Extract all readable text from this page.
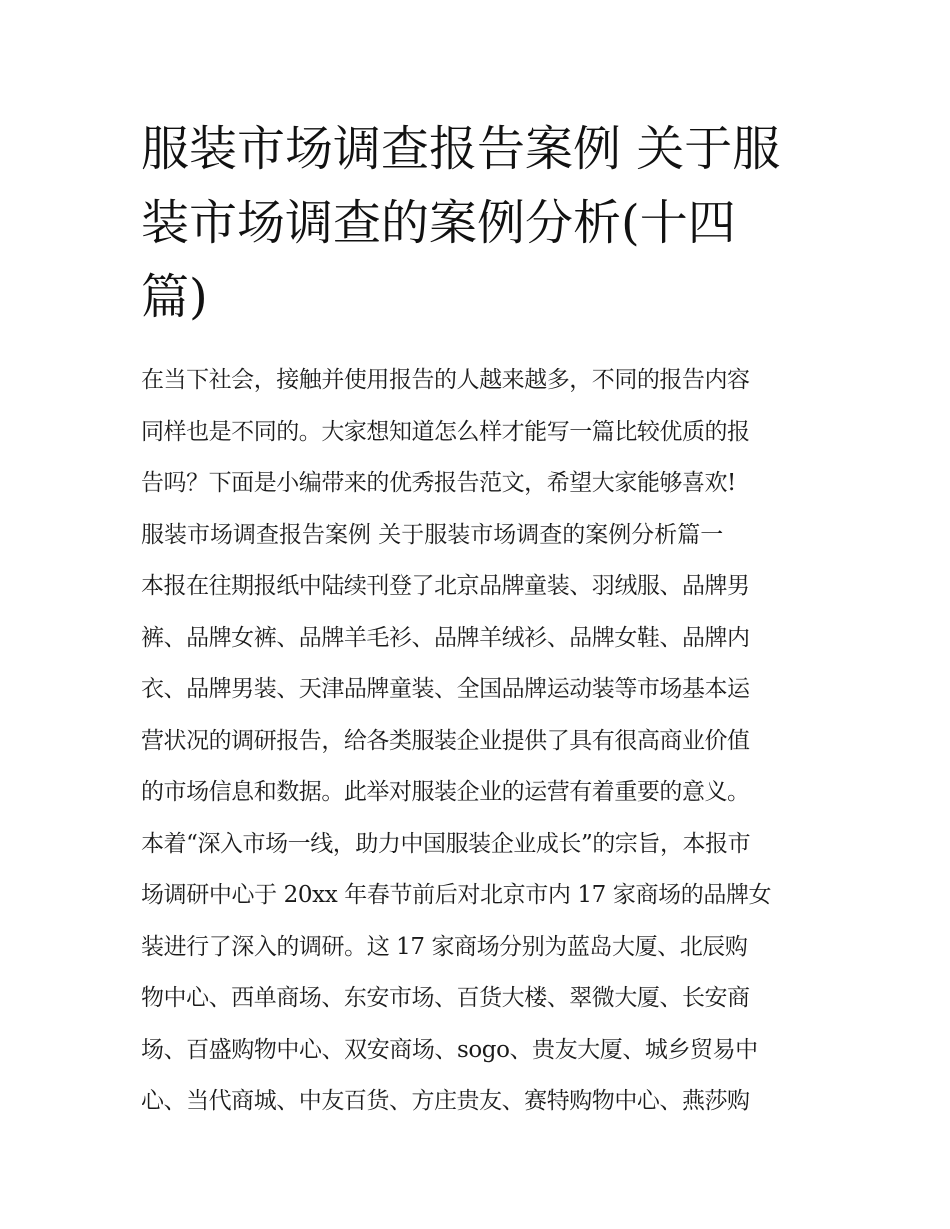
服装市场调查报告案例 关于服
装市场调查的案例分析(十四
篇)
在当下社会，接触并使用报告的人越来越多，不同的报告内容
同样也是不同的。大家想知道怎么样才能写一篇比较优质的报
告吗？下面是小编带来的优秀报告范文，希望大家能够喜欢!
服装市场调查报告案例 关于服装市场调查的案例分析篇一
本报在往期报纸中陆续刊登了北京品牌童装、羽绒服、品牌男
裤、品牌女裤、品牌羊毛衫、品牌羊绒衫、品牌女鞋、品牌内
衣、品牌男装、天津品牌童装、全国品牌运动装等市场基本运
营状况的调研报告，给各类服装企业提供了具有很高商业价值
的市场信息和数据。此举对服装企业的运营有着重要的意义。
本着“深入市场一线，助力中国服装企业成长”的宗旨，本报市
场调研中心于 20xx 年春节前后对北京市内 17 家商场的品牌女
装进行了深入的调研。这 17 家商场分别为蓝岛大厦、北辰购
物中心、西单商场、东安市场、百货大楼、翠微大厦、长安商
场、百盛购物中心、双安商场、sogo、贵友大厦、城乡贸易中
心、当代商城、中友百货、方庄贵友、赛特购物中心、燕莎购
